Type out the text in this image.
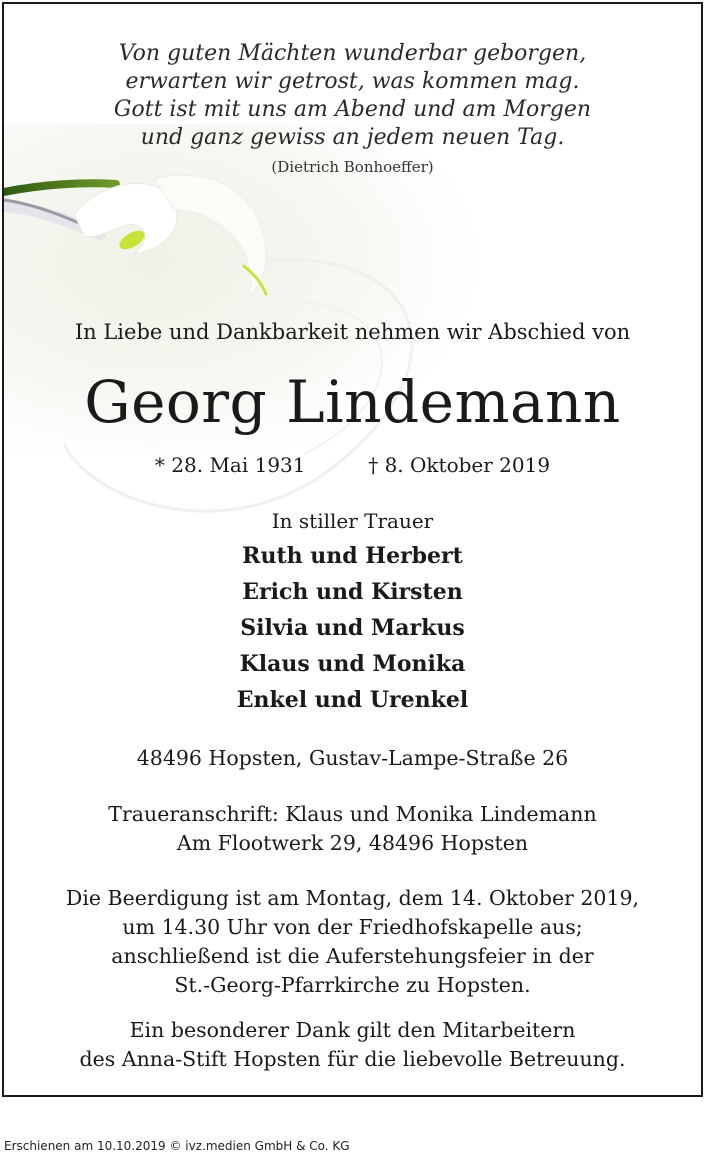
Von guten Mächten wunderbar geborgen,
erwarten wir getrost, was kommen mag.
Gott ist mit uns am Abend und am Morgen
und ganz gewiss an jedem neuen Tag.
(Dietrich Bonhoeffer)
In Liebe und Dankbarkeit nehmen wir Abschied von
Georg Lindemann
* 28. Mai 1931	† 8. Oktober 2019
In stiller Trauer
Ruth und Herbert
Erich und Kirsten
Silvia und Markus
Klaus und Monika
Enkel und Urenkel
48496 Hopsten, Gustav-Lampe-Straße 26
Traueranschrift: Klaus und Monika Lindemann
Am Flootwerk 29, 48496 Hopsten
Die Beerdigung ist am Montag, dem 14. Oktober 2019,
um 14.30 Uhr von der Friedhofskapelle aus;
anschließend ist die Auferstehungsfeier in der
St.-Georg-Pfarrkirche zu Hopsten.
Ein besonderer Dank gilt den Mitarbeitern
des Anna-Stift Hopsten für die liebevolle Betreuung.
Erschienen am 10.10.2019 © ivz.medien GmbH & Co. KG
